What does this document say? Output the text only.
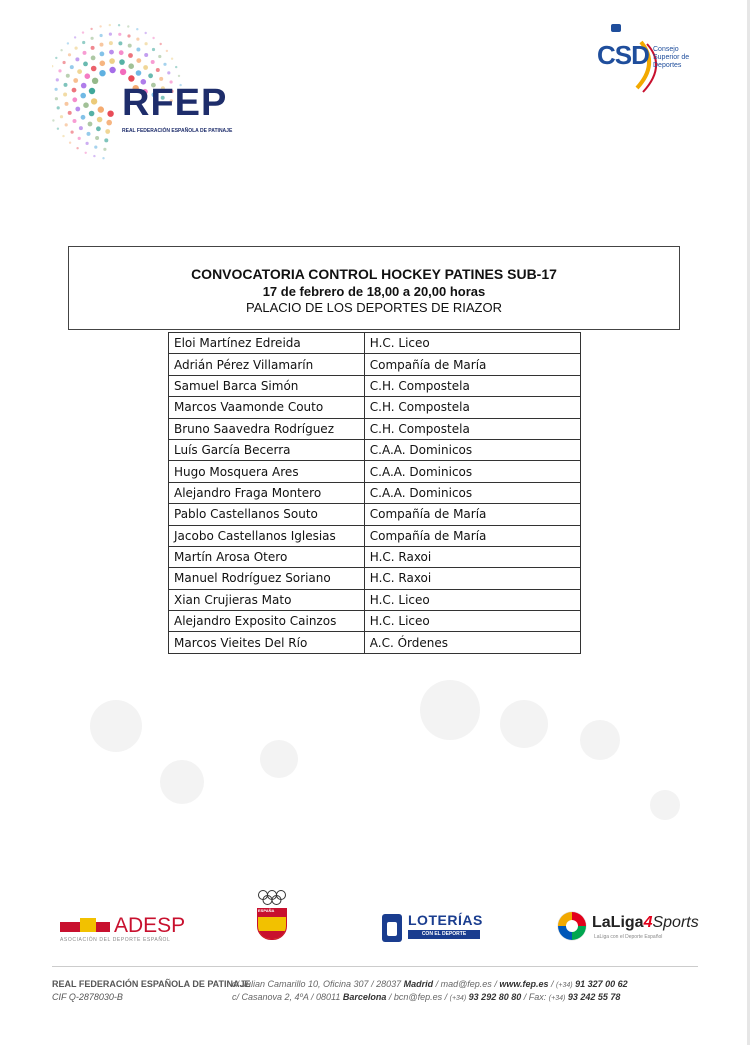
RFEP
REAL FEDERACIÓN ESPAÑOLA DE PATINAJE
CSD Consejo
Superior de
Deportes
CONVOCATORIA CONTROL HOCKEY PATINES SUB-17
17 de febrero de 18,00 a 20,00 horas
PALACIO DE LOS DEPORTES DE RIAZOR
Eloi Martínez Edreida	H.C. Liceo
Adrián Pérez Villamarín	Compañía de María
Samuel Barca Simón	C.H. Compostela
Marcos Vaamonde Couto	C.H. Compostela
Bruno Saavedra Rodríguez	C.H. Compostela
Luís García Becerra	C.A.A. Dominicos
Hugo Mosquera Ares	C.A.A. Dominicos
Alejandro Fraga Montero	C.A.A. Dominicos
Pablo Castellanos Souto	Compañía de María
Jacobo Castellanos Iglesias	Compañía de María
Martín Arosa Otero	H.C. Raxoi
Manuel Rodríguez Soriano	H.C. Raxoi
Xian Crujieras Mato	H.C. Liceo
Alejandro Exposito Cainzos	H.C. Liceo
Marcos Vieites Del Río	A.C. Órdenes
ADESP
ASOCIACIÓN DEL DEPORTE ESPAÑOL
ESPAÑA
LOTERÍAS
CON EL DEPORTE
LaLiga4Sports
LaLiga con el Deporte Español
REAL FEDERACIÓN ESPAÑOLA DE PATINAJE
CIF Q-2878030-B
c/ Julian Camarillo 10, Oficina 307 / 28037 Madrid / mad@fep.es / www.fep.es / (+34) 91 327 00 62
c/ Casanova 2, 4ºA / 08011 Barcelona / bcn@fep.es / (+34) 93 292 80 80 / Fax: (+34) 93 242 55 78
